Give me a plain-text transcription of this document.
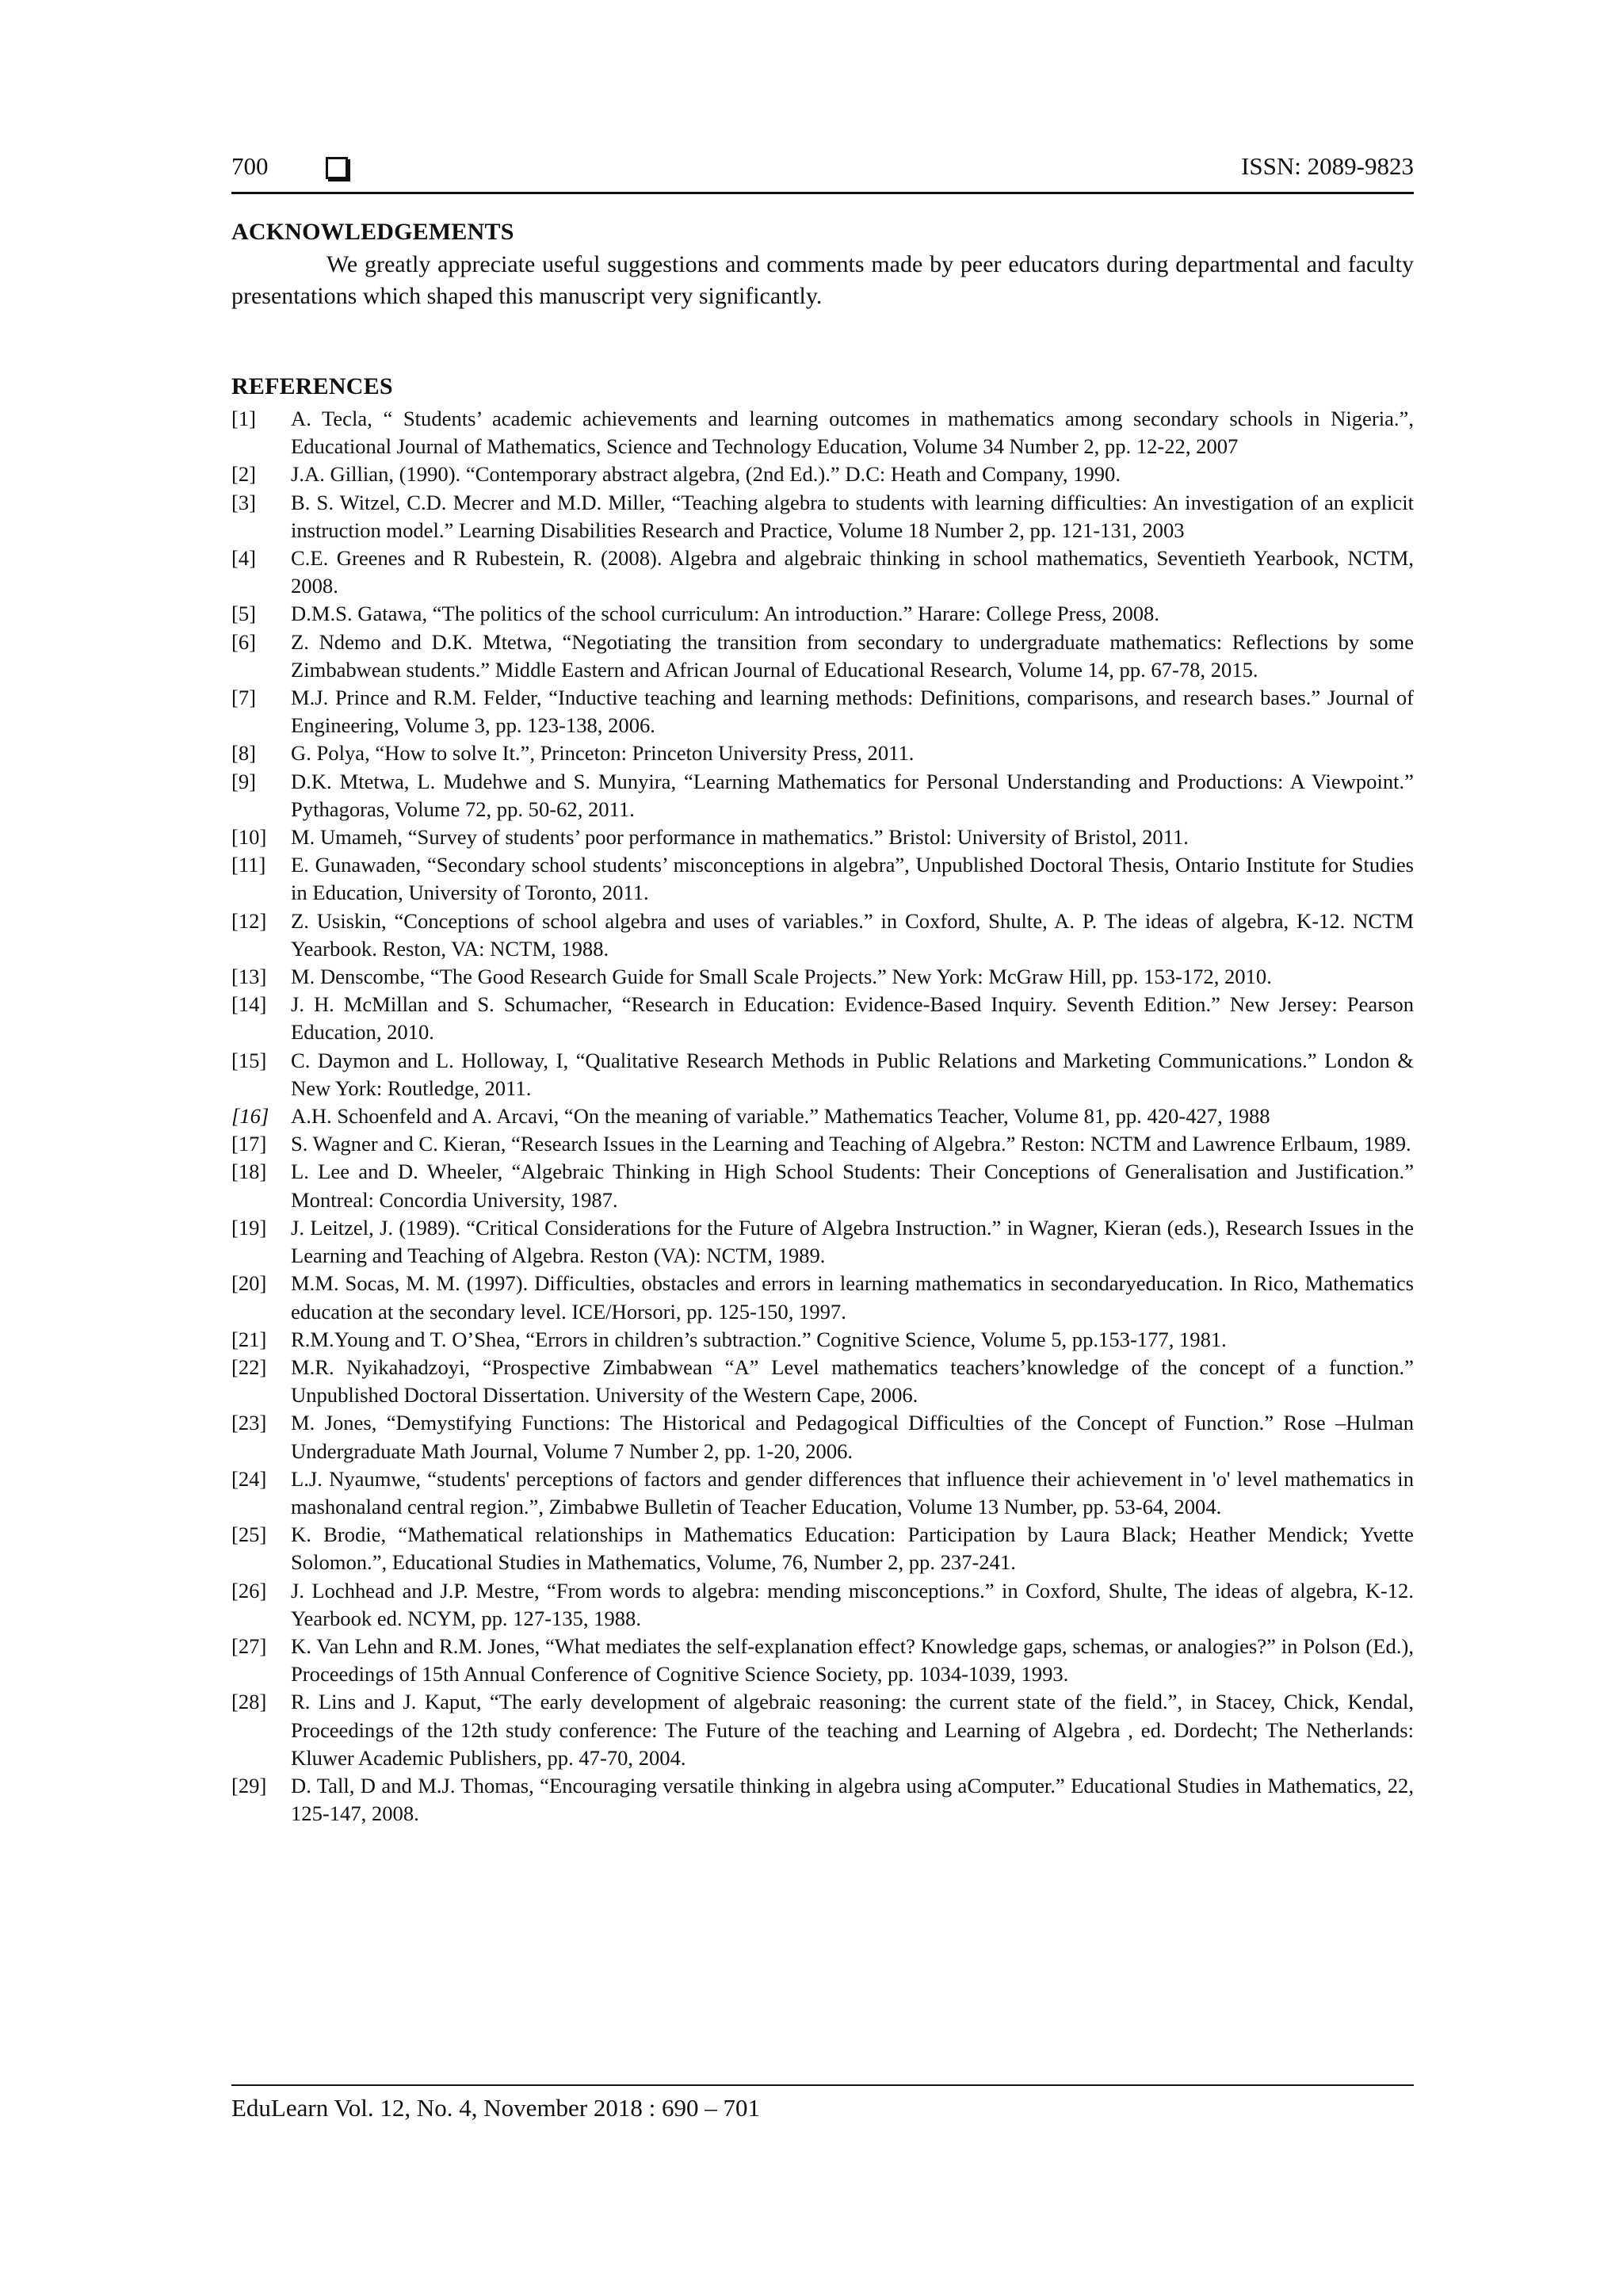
700	ISSN: 2089-9823
ACKNOWLEDGEMENTS
We greatly appreciate useful suggestions and comments made by peer educators during departmental and faculty presentations which shaped this manuscript very significantly.
REFERENCES
[1]	A. Tecla, “ Students’ academic achievements and learning outcomes in mathematics among secondary schools in Nigeria.”, Educational Journal of Mathematics, Science and Technology Education, Volume 34 Number 2, pp. 12-22, 2007
[2]	J.A. Gillian, (1990). “Contemporary abstract algebra, (2nd Ed.).” D.C: Heath and Company, 1990.
[3]	B. S. Witzel, C.D. Mecrer and M.D. Miller, “Teaching algebra to students with learning difficulties: An investigation of an explicit instruction model.” Learning Disabilities Research and Practice, Volume 18 Number 2, pp. 121-131, 2003
[4]	C.E. Greenes and R Rubestein, R. (2008). Algebra and algebraic thinking in school mathematics, Seventieth Yearbook, NCTM, 2008.
[5]	D.M.S. Gatawa, “The politics of the school curriculum: An introduction.” Harare: College Press, 2008.
[6]	Z. Ndemo and D.K. Mtetwa, “Negotiating the transition from secondary to undergraduate mathematics: Reflections by some Zimbabwean students.” Middle Eastern and African Journal of Educational Research, Volume 14, pp. 67-78, 2015.
[7]	M.J. Prince and R.M. Felder, “Inductive teaching and learning methods: Definitions, comparisons, and research bases.” Journal of Engineering, Volume 3, pp. 123-138, 2006.
[8]	G. Polya, “How to solve It.”, Princeton: Princeton University Press, 2011.
[9]	D.K. Mtetwa, L. Mudehwe and S. Munyira, “Learning Mathematics for Personal Understanding and Productions: A Viewpoint.” Pythagoras, Volume 72, pp. 50-62, 2011.
[10]	M. Umameh, “Survey of students’ poor performance in mathematics.” Bristol: University of Bristol, 2011.
[11]	E. Gunawaden, “Secondary school students’ misconceptions in algebra”, Unpublished Doctoral Thesis, Ontario Institute for Studies in Education, University of Toronto, 2011.
[12]	Z. Usiskin, “Conceptions of school algebra and uses of variables.” in Coxford, Shulte, A. P. The ideas of algebra, K-12. NCTM Yearbook. Reston, VA: NCTM, 1988.
[13]	M. Denscombe, “The Good Research Guide for Small Scale Projects.” New York: McGraw Hill, pp. 153-172, 2010.
[14]	J. H. McMillan and S. Schumacher, “Research in Education: Evidence-Based Inquiry. Seventh Edition.” New Jersey: Pearson Education, 2010.
[15]	C. Daymon and L. Holloway, I, “Qualitative Research Methods in Public Relations and Marketing Communications.” London & New York: Routledge, 2011.
[16]	A.H. Schoenfeld and A. Arcavi, “On the meaning of variable.” Mathematics Teacher, Volume 81, pp. 420-427, 1988
[17]	S. Wagner and C. Kieran, “Research Issues in the Learning and Teaching of Algebra.” Reston: NCTM and Lawrence Erlbaum, 1989.
[18]	L. Lee and D. Wheeler, “Algebraic Thinking in High School Students: Their Conceptions of Generalisation and Justification.” Montreal: Concordia University, 1987.
[19]	J. Leitzel, J. (1989). “Critical Considerations for the Future of Algebra Instruction.” in Wagner, Kieran (eds.), Research Issues in the Learning and Teaching of Algebra. Reston (VA): NCTM, 1989.
[20]	M.M. Socas, M. M. (1997). Difficulties, obstacles and errors in learning mathematics in secondaryeducation. In Rico, Mathematics education at the secondary level. ICE/Horsori, pp. 125-150, 1997.
[21]	R.M.Young and T. O’Shea, “Errors in children’s subtraction.” Cognitive Science, Volume 5, pp.153-177, 1981.
[22]	M.R. Nyikahadzoyi, “Prospective Zimbabwean “A” Level mathematics teachers’knowledge of the concept of a function.” Unpublished Doctoral Dissertation. University of the Western Cape, 2006.
[23]	M. Jones, “Demystifying Functions: The Historical and Pedagogical Difficulties of the Concept of Function.” Rose –Hulman Undergraduate Math Journal, Volume 7 Number 2, pp. 1-20, 2006.
[24]	L.J. Nyaumwe, “students' perceptions of factors and gender differences that influence their achievement in 'o' level mathematics in mashonaland central region.”, Zimbabwe Bulletin of Teacher Education, Volume 13 Number, pp. 53-64, 2004.
[25]	K. Brodie, “Mathematical relationships in Mathematics Education: Participation by Laura Black; Heather Mendick; Yvette Solomon.”, Educational Studies in Mathematics, Volume, 76, Number 2, pp. 237-241.
[26]	J. Lochhead and J.P. Mestre, “From words to algebra: mending misconceptions.” in Coxford, Shulte, The ideas of algebra, K-12. Yearbook ed. NCYM, pp. 127-135, 1988.
[27]	K. Van Lehn and R.M. Jones, “What mediates the self-explanation effect? Knowledge gaps, schemas, or analogies?” in Polson (Ed.), Proceedings of 15th Annual Conference of Cognitive Science Society, pp. 1034-1039, 1993.
[28]	R. Lins and J. Kaput, “The early development of algebraic reasoning: the current state of the field.”, in Stacey, Chick, Kendal, Proceedings of the 12th study conference: The Future of the teaching and Learning of Algebra , ed. Dordecht; The Netherlands: Kluwer Academic Publishers, pp. 47-70, 2004.
[29]	D. Tall, D and M.J. Thomas, “Encouraging versatile thinking in algebra using aComputer.” Educational Studies in Mathematics, 22, 125-147, 2008.
EduLearn Vol. 12, No. 4, November 2018 : 690 – 701
